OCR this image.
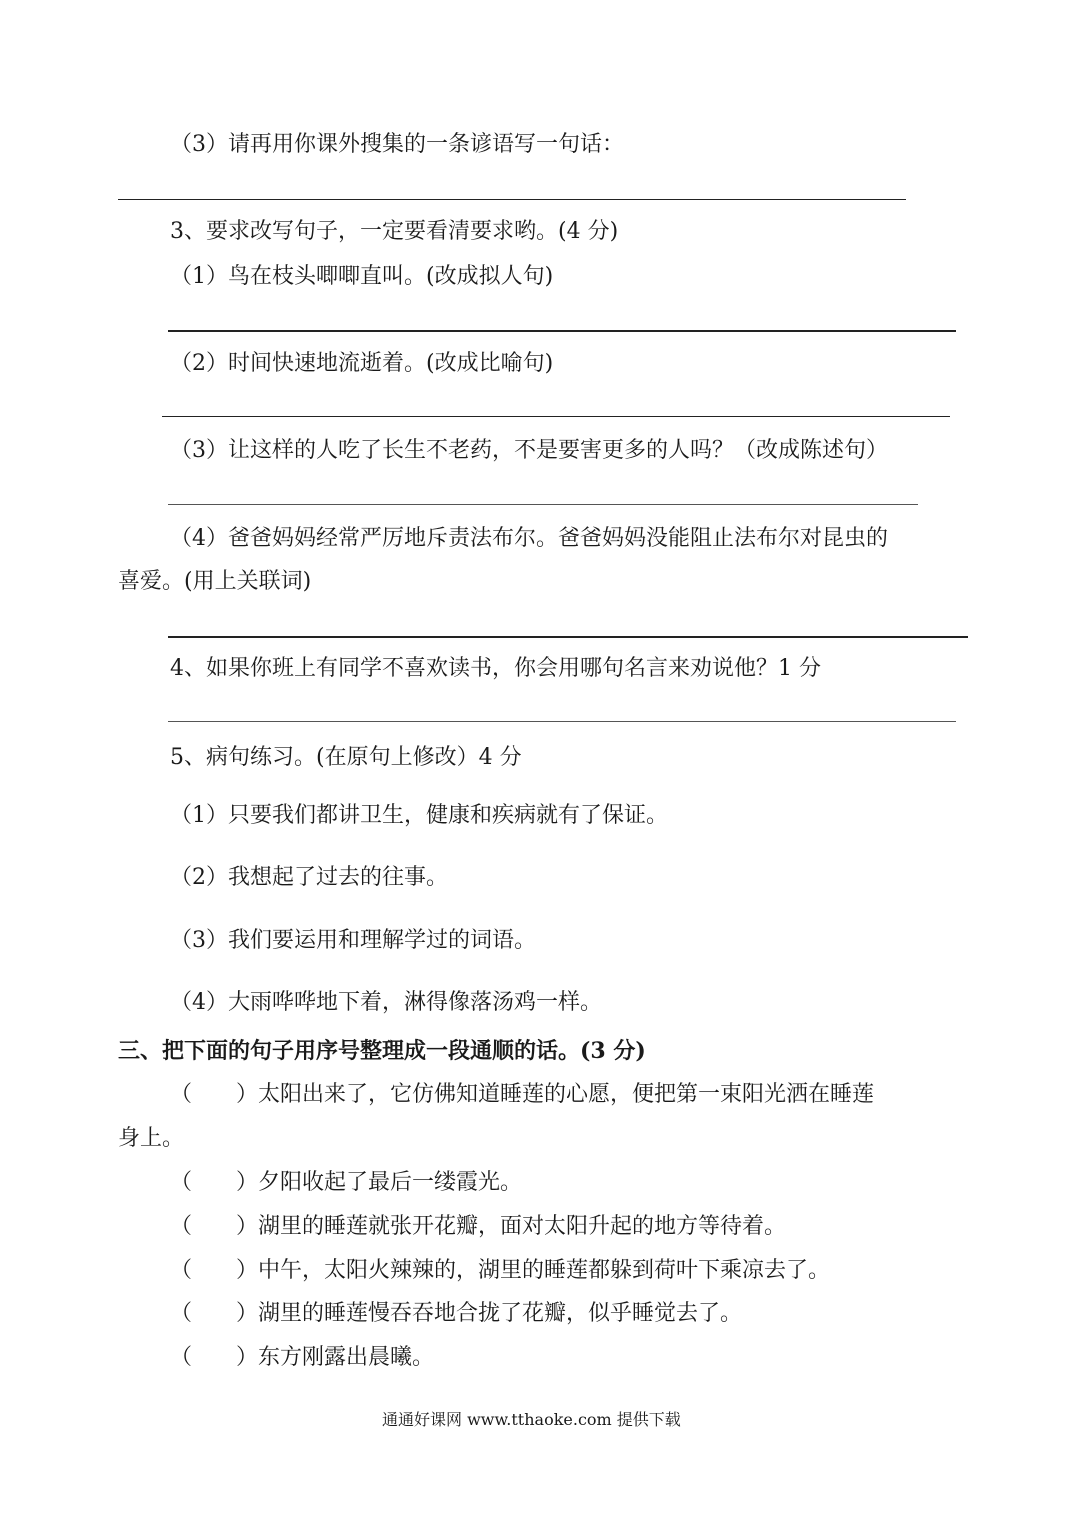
（3）请再用你课外搜集的一条谚语写一句话：
3、要求改写句子，一定要看清要求哟。(4 分)
（1）鸟在枝头唧唧直叫。(改成拟人句)
（2）时间快速地流逝着。(改成比喻句)
（3）让这样的人吃了长生不老药，不是要害更多的人吗？（改成陈述句）
（4）爸爸妈妈经常严厉地斥责法布尔。爸爸妈妈没能阻止法布尔对昆虫的
喜爱。(用上关联词)
4、如果你班上有同学不喜欢读书，你会用哪句名言来劝说他？1 分
5、病句练习。(在原句上修改）4 分
（1）只要我们都讲卫生，健康和疾病就有了保证。
（2）我想起了过去的往事。
（3）我们要运用和理解学过的词语。
（4）大雨哗哗地下着，淋得像落汤鸡一样。
三、把下面的句子用序号整理成一段通顺的话。(3 分)
（　　）太阳出来了，它仿佛知道睡莲的心愿，便把第一束阳光洒在睡莲
身上。
（　　）夕阳收起了最后一缕霞光。
（　　）湖里的睡莲就张开花瓣，面对太阳升起的地方等待着。
（　　）中午，太阳火辣辣的，湖里的睡莲都躲到荷叶下乘凉去了。
（　　）湖里的睡莲慢吞吞地合拢了花瓣，似乎睡觉去了。
（　　）东方刚露出晨曦。
通通好课网 www.tthaoke.com 提供下载
